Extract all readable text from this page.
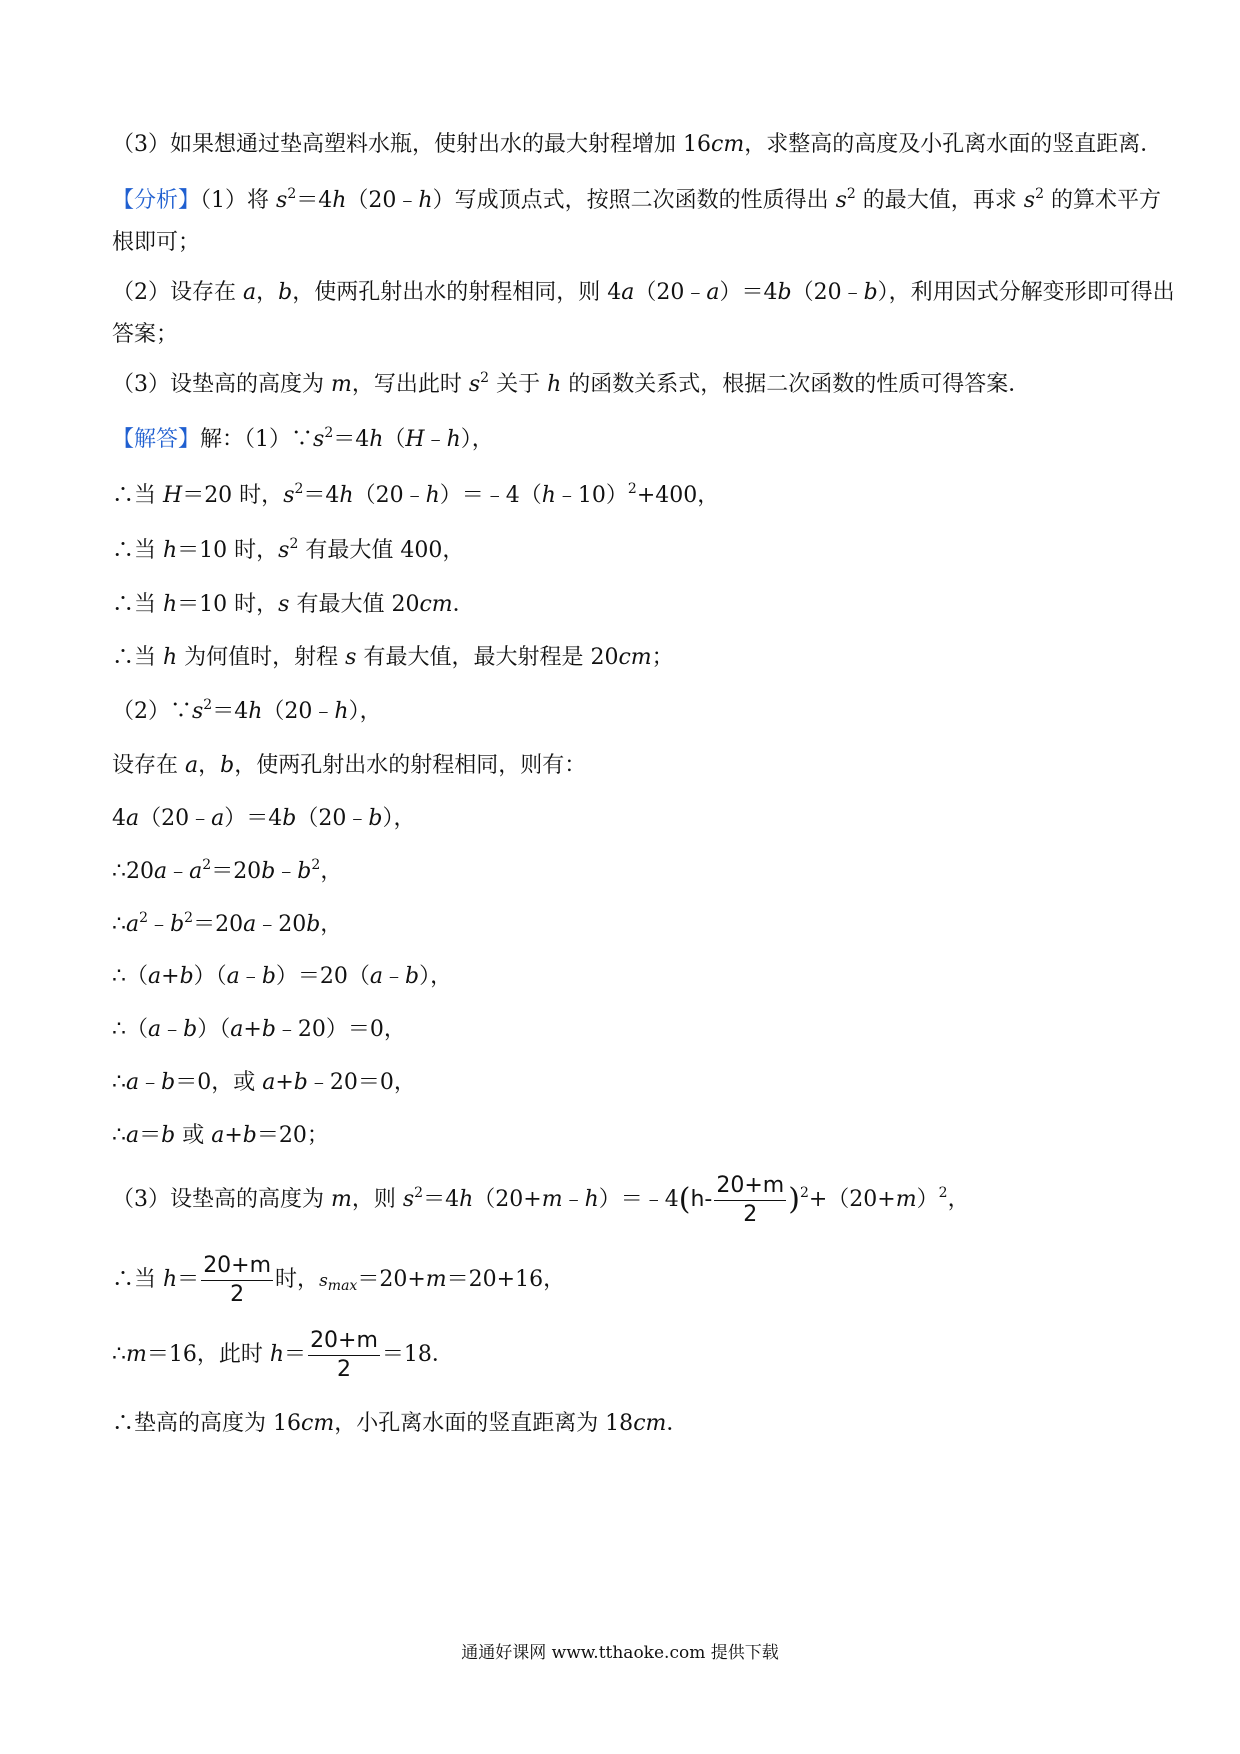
（3）如果想通过垫高塑料水瓶，使射出水的最大射程增加 16cm，求整高的高度及小孔离水面的竖直距离．
【分析】（1）将 $s^2=4h(20﹣h)$写成顶点式，按照二次函数的性质得出 $s^2$ 的最大值，再求 $s^2$ 的算术平方
根即可；
（2）设存在 a，b，使两孔射出水的射程相同，则 4a（20﹣a）＝4b（20﹣b），利用因式分解变形即可得出
答案；
（3）设垫高的高度为 m，写出此时 $s^2$ 关于 h 的函数关系式，根据二次函数的性质可得答案．
【解答】解：$(1)\because s^2=4h(H﹣h)$，
∴当 H＝20 时，$s^2=4h(20﹣h)=﹣4(h﹣10)^2+400$，
∴当 h＝10 时，$s^2$ 有最大值 400，
∴当 h＝10 时，s 有最大值 20cm．
∴当 h 为何值时，射程 s 有最大值，最大射程是 20cm；
$(2)\because s^2=4h(20﹣h)$，
设存在 a，b，使两孔射出水的射程相同，则有：
4a（20﹣a）＝4b（20﹣b），
$\therefore 20a﹣a^2=20b﹣b^2$，
$\therefore a^2﹣b^2=20a﹣20b$，
∴（a+b）（a﹣b）＝20（a﹣b），
∴（a﹣b）（a+b﹣20）＝0，
∴a﹣b＝0，或 a+b﹣20＝0，
∴a＝b 或 a+b＝20；
（3）设垫高的高度为 m，则 $s^2=4h(20+m﹣h)=﹣4(h- \frac{20+m}{2} )^2+(20+m)^2$，
∴当 $h= \frac{20+m}{2}$ 时，$s_{max}=20+m=20+16$，
∴m＝16，此时 $h= \frac{20+m}{2} =18$．
∴垫高的高度为 16cm，小孔离水面的竖直距离为 18cm．
通通好课网 www.tthaoke.com 提供下载
